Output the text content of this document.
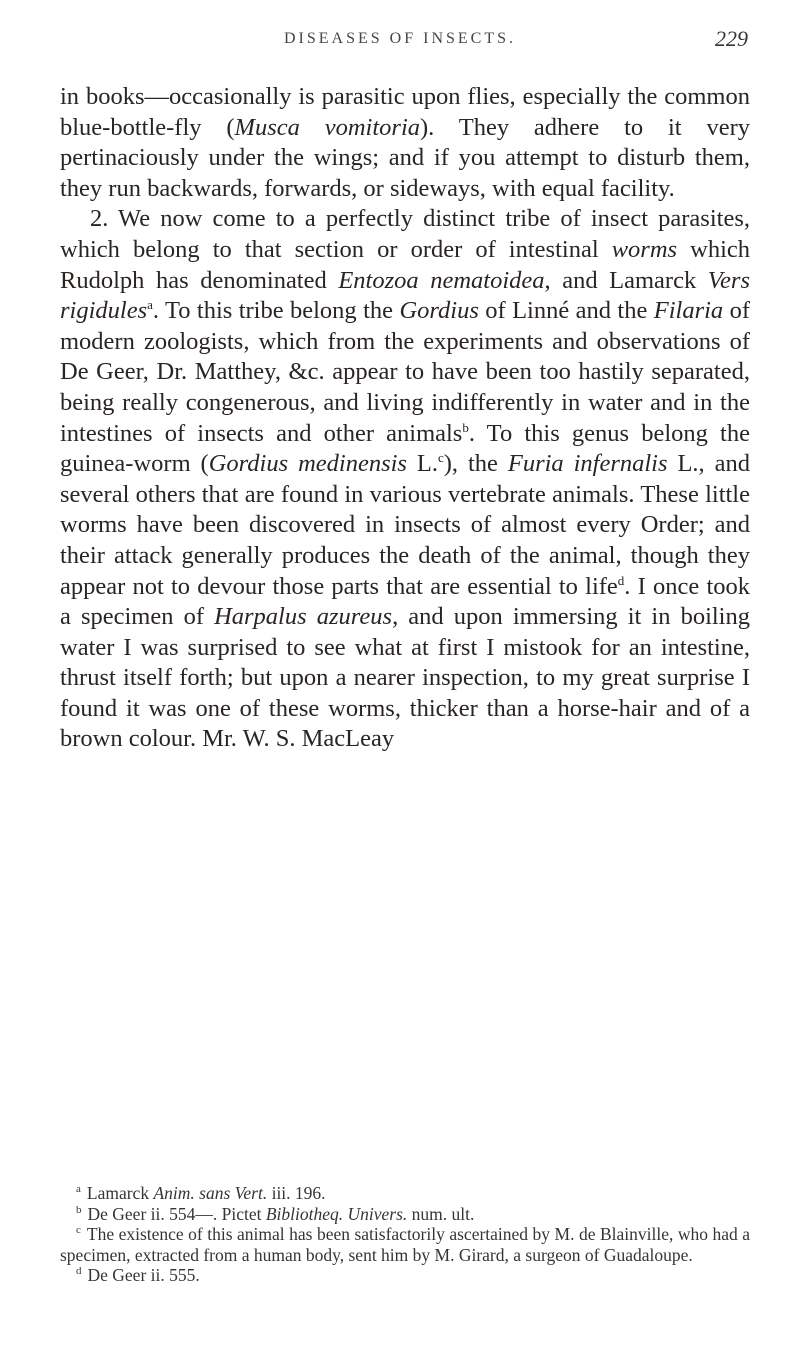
DISEASES OF INSECTS.	229

in books—occasionally is parasitic upon flies, especially the common blue-bottle-fly (Musca vomitoria). They adhere to it very pertinaciously under the wings; and if you attempt to disturb them, they run backwards, forwards, or sideways, with equal facility.

2. We now come to a perfectly distinct tribe of insect parasites, which belong to that section or order of intestinal worms which Rudolph has denominated Entozoa nematoidea, and Lamarck Vers rigidules$^a$. To this tribe belong the Gordius of Linné and the Filaria of modern zoologists, which from the experiments and observations of De Geer, Dr. Matthey, &c. appear to have been too hastily separated, being really congenerous, and living indifferently in water and in the intestines of insects and other animals$^b$. To this genus belong the guinea-worm (Gordius medinensis L.$^c$), the Furia infernalis L., and several others that are found in various vertebrate animals. These little worms have been discovered in insects of almost every Order; and their attack generally produces the death of the animal, though they appear not to devour those parts that are essential to life$^d$. I once took a specimen of Harpalus azureus, and upon immersing it in boiling water I was surprised to see what at first I mistook for an intestine, thrust itself forth; but upon a nearer inspection, to my great surprise I found it was one of these worms, thicker than a horse-hair and of a brown colour. Mr. W. S. MacLeay

$^a$ Lamarck Anim. sans Vert. iii. 196.

$^b$ De Geer ii. 554—. Pictet Bibliotheq. Univers. num. ult.

$^c$ The existence of this animal has been satisfactorily ascertained by M. de Blainville, who had a specimen, extracted from a human body, sent him by M. Girard, a surgeon of Guadaloupe.

$^d$ De Geer ii. 555.
